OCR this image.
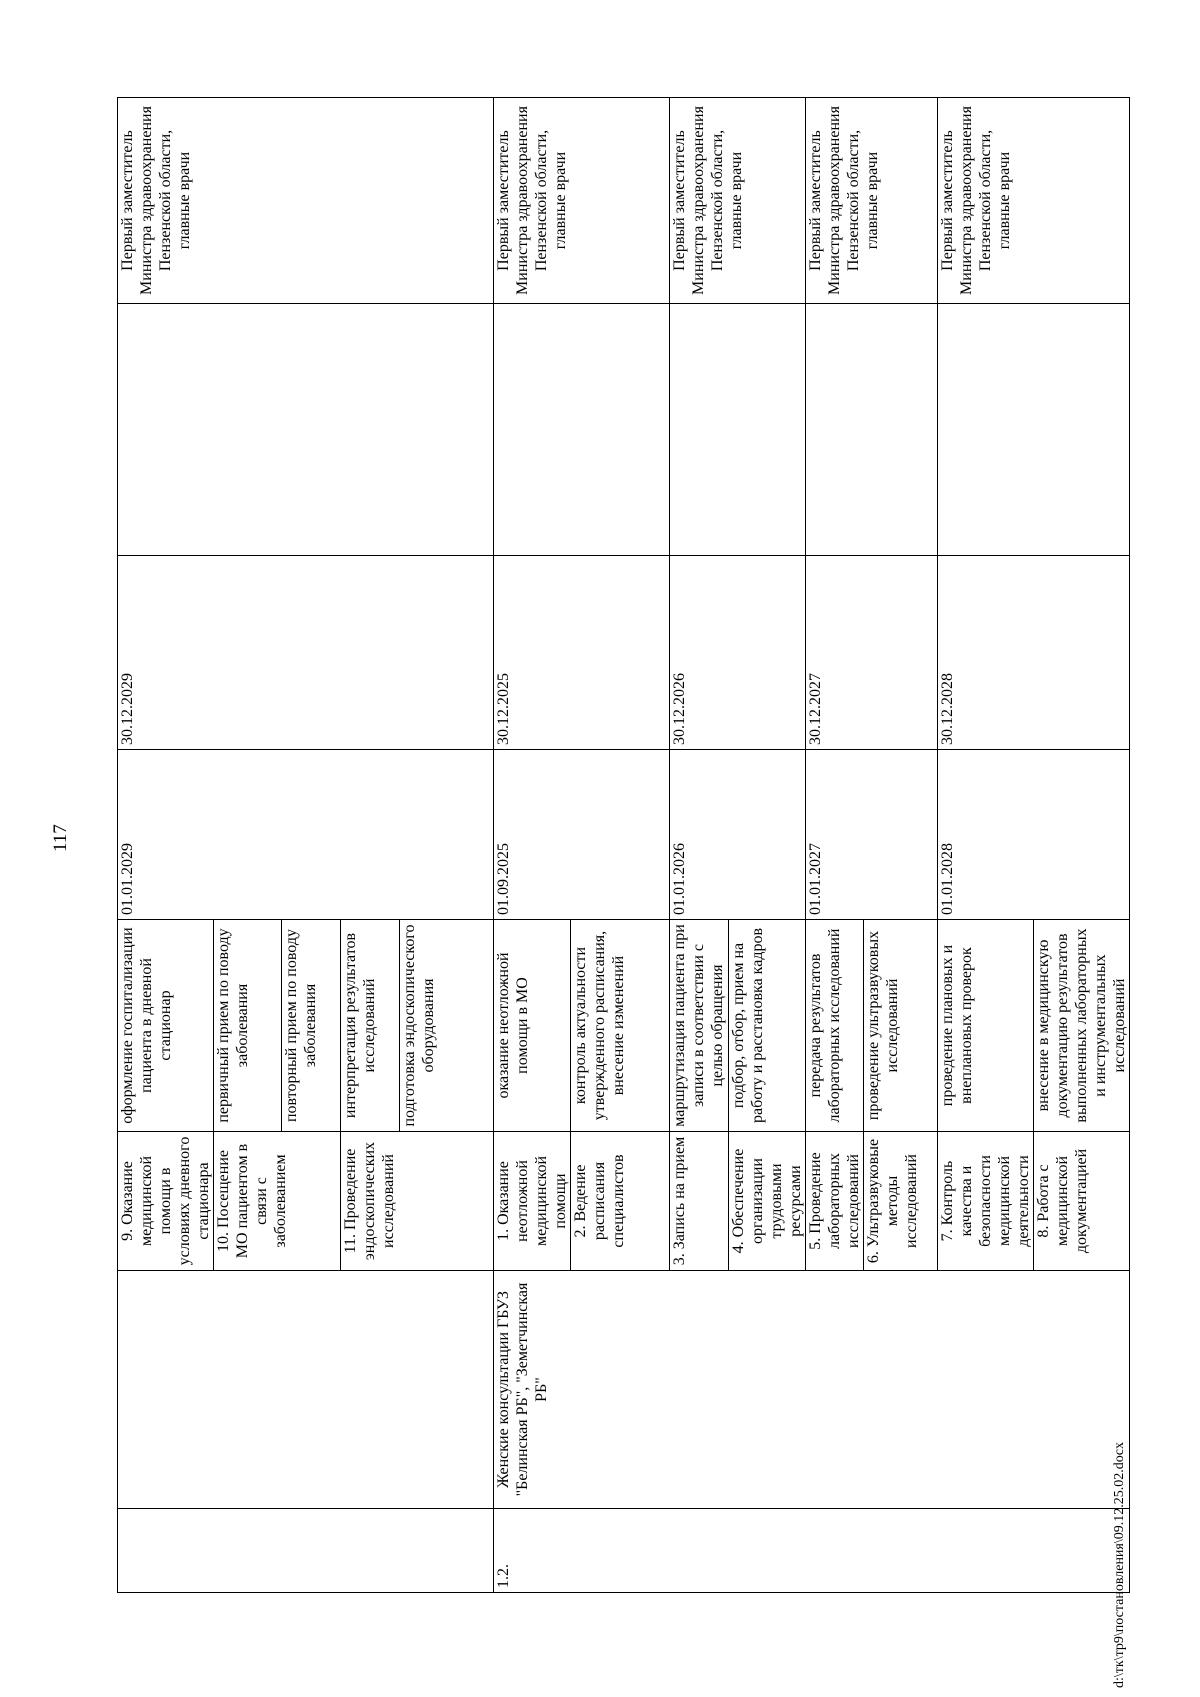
117
		9. Оказание медицинской помощи в условиях дневного стационара	оформление госпитализации пациента в дневной стационар	01.01.2029	30.12.2029		Первый заместитель Министра здравоохранения Пензенской области, главные врачи
		10. Посещение МО пациентом в связи с заболеванием	первичный прием по поводу заболевания				
			повторный прием по поводу заболевания				
		11. Проведение эндоскопических исследований	интерпретация результатов исследований				
			подготовка эндоскопического оборудования				
1.2.	Женские консультации ГБУЗ "Белинская РБ", "Земетчинская РБ"	1. Оказание неотложной медицинской помощи	оказание неотложной помощи в МО	01.09.2025	30.12.2025		Первый заместитель Министра здравоохранения Пензенской области, главные врачи
		2. Ведение расписания специалистов	контроль актуальности утвержденного расписания, внесение изменений				
		3. Запись на прием	маршрутизация пациента при записи в соответствии с целью обращения	01.01.2026	30.12.2026		Первый заместитель Министра здравоохранения Пензенской области, главные врачи
		4. Обеспечение организации трудовыми ресурсами	подбор, отбор, прием на работу и расстановка кадров				
		5. Проведение лабораторных исследований	передача результатов лабораторных исследований	01.01.2027	30.12.2027		Первый заместитель Министра здравоохранения Пензенской области, главные врачи
		6. Ультразвуковые методы исследований	проведение ультразвуковых исследований				
		7. Контроль качества и безопасности медицинской деятельности	проведение плановых и внеплановых проверок	01.01.2028	30.12.2028		Первый заместитель Министра здравоохранения Пензенской области, главные врачи
		8. Работа с медицинской документацией	внесение в медицинскую документацию результатов выполненных лабораторных и инструментальных исследований				
d:\тк\тр9\постановления\09.12.25.02.docx
